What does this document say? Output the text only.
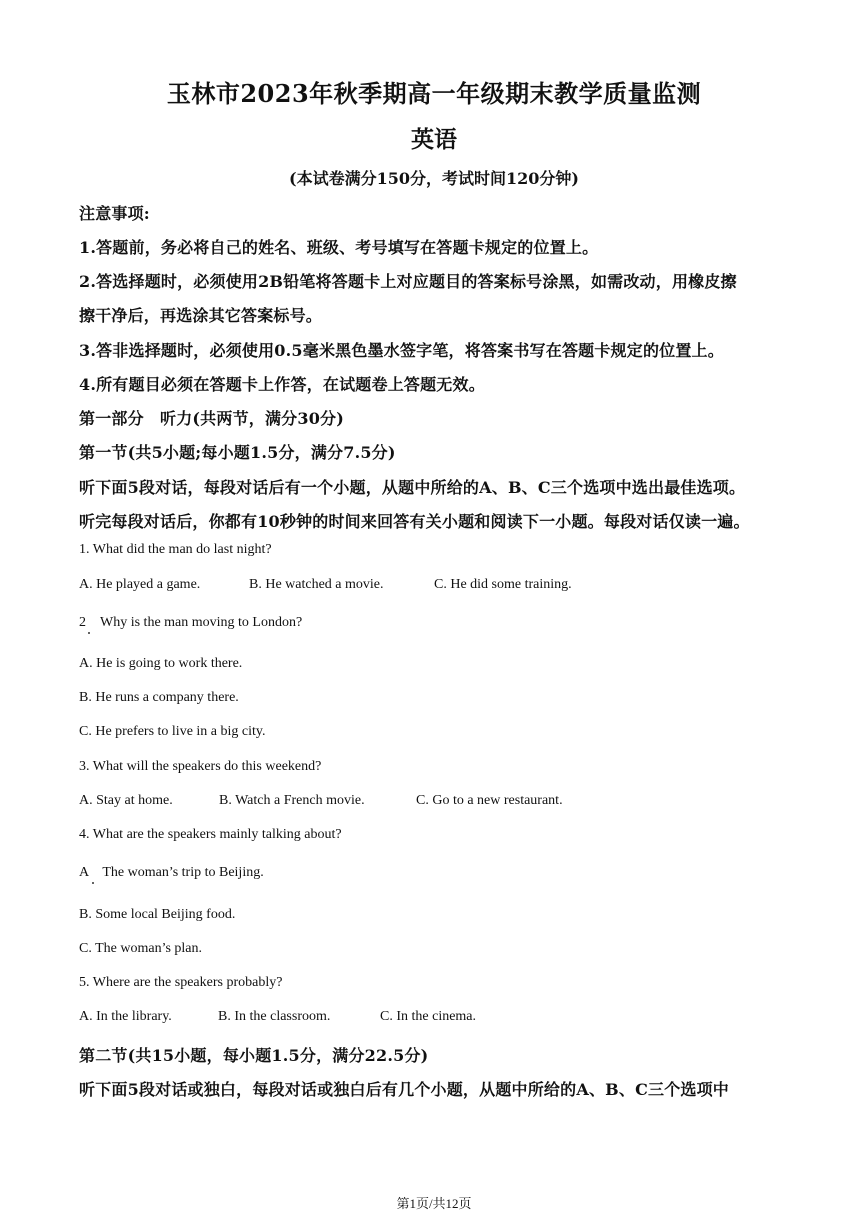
玉林市2023年秋季期高一年级期末教学质量监测
英语
(本试卷满分150分，考试时间120分钟)
注意事项:
1.答题前，务必将自己的姓名、班级、考号填写在答题卡规定的位置上。
2.答选择题时，必须使用2B铅笔将答题卡上对应题目的答案标号涂黑，如需改动，用橡皮擦
擦干净后，再选涂其它答案标号。
3.答非选择题时，必须使用0.5毫米黑色墨水签字笔，将答案书写在答题卡规定的位置上。
4.所有题目必须在答题卡上作答，在试题卷上答题无效。
第一部分　听力(共两节，满分30分)
第一节(共5小题;每小题1.5分，满分7.5分)
听下面5段对话，每段对话后有一个小题，从题中所给的A、B、C三个选项中选出最佳选项。
听完每段对话后，你都有10秒钟的时间来回答有关小题和阅读下一小题。每段对话仅读一遍。
1. What did the man do last night?
A. He played a game.	B. He watched a movie.	C. He did some training.
2　Why is the man moving to London?
A. He is going to work there.
B. He runs a company there.
C. He prefers to live in a big city.
3. What will the speakers do this weekend?
A. Stay at home.	B. Watch a French movie.	C. Go to a new restaurant.
4. What are the speakers mainly talking about?
A　The woman’s trip to Beijing.
B. Some local Beijing food.
C. The woman’s plan.
5. Where are the speakers probably?
A. In the library.	B. In the classroom.	C. In the cinema.
第二节(共15小题，每小题1.5分，满分22.5分)
听下面5段对话或独白，每段对话或独白后有几个小题，从题中所给的A、B、C三个选项中
第1页/共12页
